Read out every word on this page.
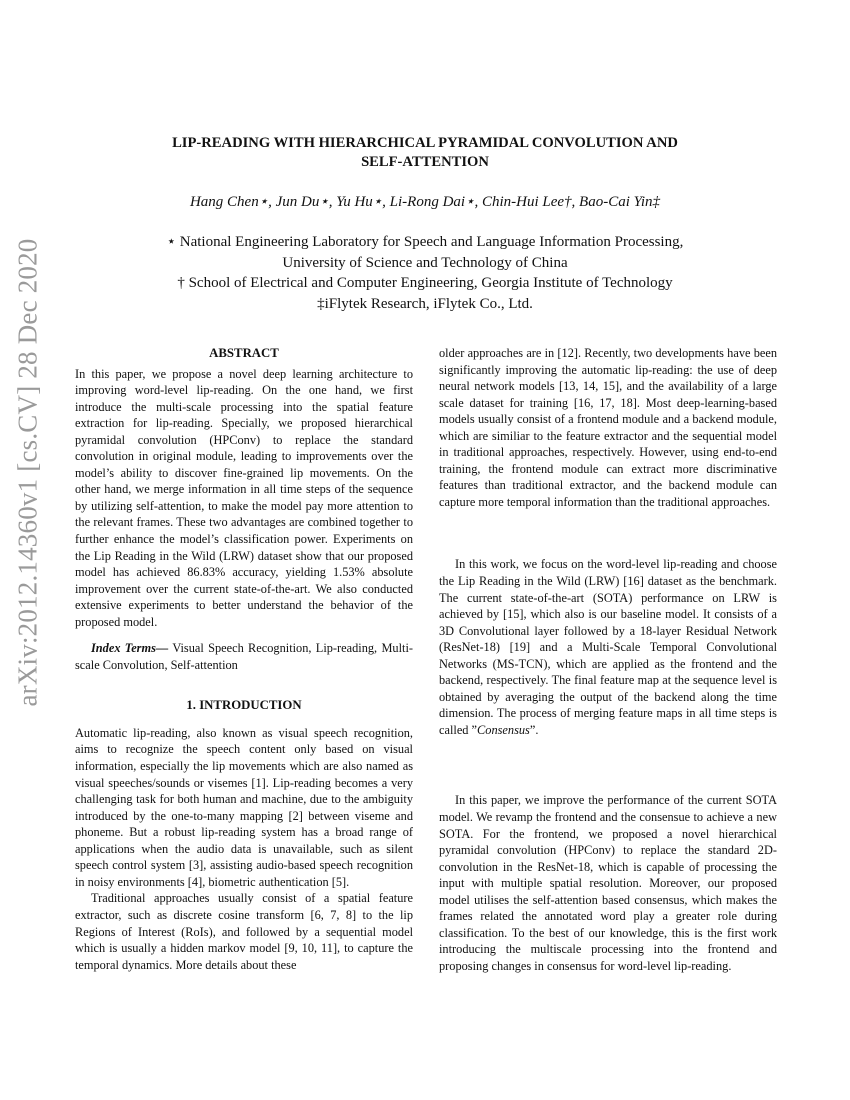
arXiv:2012.14360v1 [cs.CV] 28 Dec 2020
LIP-READING WITH HIERARCHICAL PYRAMIDAL CONVOLUTION AND
SELF-ATTENTION
Hang Chen⋆, Jun Du⋆, Yu Hu⋆, Li-Rong Dai⋆, Chin-Hui Lee†, Bao-Cai Yin‡
⋆ National Engineering Laboratory for Speech and Language Information Processing,
University of Science and Technology of China
† School of Electrical and Computer Engineering, Georgia Institute of Technology
‡iFlytek Research, iFlytek Co., Ltd.
ABSTRACT

In this paper, we propose a novel deep learning architecture to improving word-level lip-reading. On the one hand, we first introduce the multi-scale processing into the spatial feature extraction for lip-reading. Specially, we proposed hierarchical pyramidal convolution (HPConv) to replace the standard convolution in original module, leading to improvements over the model’s ability to discover fine-grained lip movements. On the other hand, we merge information in all time steps of the sequence by utilizing self-attention, to make the model pay more attention to the relevant frames. These two advantages are combined together to further enhance the model’s classification power. Experiments on the Lip Reading in the Wild (LRW) dataset show that our proposed model has achieved 86.83% accuracy, yielding 1.53% absolute improvement over the current state-of-the-art. We also conducted extensive experiments to better understand the behavior of the proposed model.

Index Terms— Visual Speech Recognition, Lip-reading, Multi-scale Convolution, Self-attention

1. INTRODUCTION

Automatic lip-reading, also known as visual speech recognition, aims to recognize the speech content only based on visual information, especially the lip movements which are also named as visual speeches/sounds or visemes [1]. Lip-reading becomes a very challenging task for both human and machine, due to the ambiguity introduced by the one-to-many mapping [2] between viseme and phoneme. But a robust lip-reading system has a broad range of applications when the audio data is unavailable, such as silent speech control system [3], assisting audio-based speech recognition in noisy environments [4], biometric authentication [5].

Traditional approaches usually consist of a spatial feature extractor, such as discrete cosine transform [6, 7, 8] to the lip Regions of Interest (RoIs), and followed by a sequential model which is usually a hidden markov model [9, 10, 11], to capture the temporal dynamics. More details about these

older approaches are in [12]. Recently, two developments have been significantly improving the automatic lip-reading: the use of deep neural network models [13, 14, 15], and the availability of a large scale dataset for training [16, 17, 18]. Most deep-learning-based models usually consist of a frontend module and a backend module, which are similiar to the feature extractor and the sequential model in traditional approaches, respectively. However, using end-to-end training, the frontend module can extract more discriminative features than traditional extractor, and the backend module can capture more temporal information than the traditional approaches.

In this work, we focus on the word-level lip-reading and choose the Lip Reading in the Wild (LRW) [16] dataset as the benchmark. The current state-of-the-art (SOTA) performance on LRW is achieved by [15], which also is our baseline model. It consists of a 3D Convolutional layer followed by a 18-layer Residual Network (ResNet-18) [19] and a Multi-Scale Temporal Convolutional Networks (MS-TCN), which are applied as the frontend and the backend, respectively. The final feature map at the sequence level is obtained by averaging the output of the backend along the time dimension. The process of merging feature maps in all time steps is called ”Consensus”.

In this paper, we improve the performance of the current SOTA model. We revamp the frontend and the consensue to achieve a new SOTA. For the frontend, we proposed a novel hierarchical pyramidal convolution (HPConv) to replace the standard 2D-convolution in the ResNet-18, which is capable of processing the input with multiple spatial resolution. Moreover, our proposed model utilises the self-attention based consensus, which makes the frames related the annotated word play a greater role during classification. To the best of our knowledge, this is the first work introducing the multiscale processing into the frontend and proposing changes in consensus for word-level lip-reading.
